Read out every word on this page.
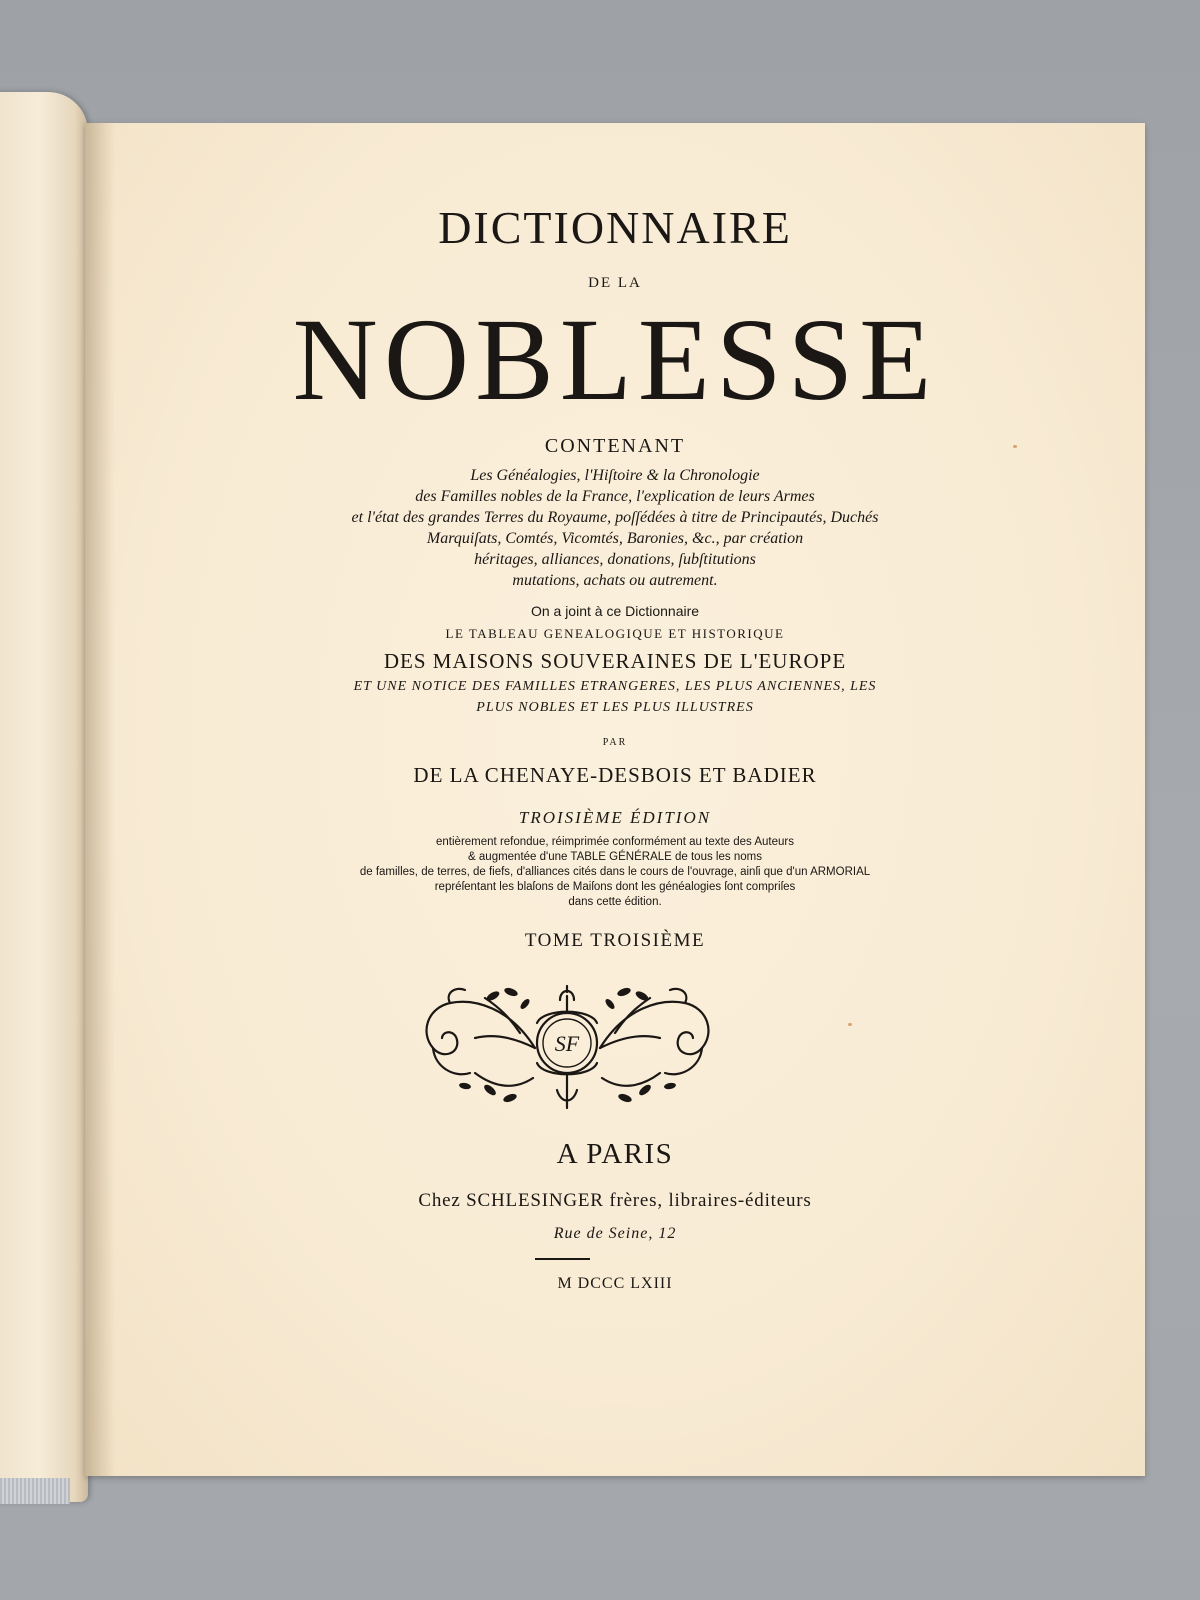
DICTIONNAIRE
DE LA
NOBLESSE
CONTENANT
Les Généalogies, l'Hiſtoire & la Chronologie
des Familles nobles de la France, l'explication de leurs Armes
et l'état des grandes Terres du Royaume, poſſédées à titre de Principautés, Duchés
Marquiſats, Comtés, Vicomtés, Baronies, &c., par création
héritages, alliances, donations, ſubſtitutions
mutations, achats ou autrement.
On a joint à ce Dictionnaire
LE TABLEAU GENEALOGIQUE ET HISTORIQUE
DES MAISONS SOUVERAINES DE L'EUROPE
ET UNE NOTICE DES FAMILLES ETRANGERES, LES PLUS ANCIENNES, LES
PLUS NOBLES ET LES PLUS ILLUSTRES
PAR
DE LA CHENAYE-DESBOIS ET BADIER
TROISIÈME ÉDITION
entièrement refondue, réimprimée conformément au texte des Auteurs
& augmentée d'une TABLE GÉNÉRALE de tous les noms
de familles, de terres, de fiefs, d'alliances cités dans le cours de l'ouvrage, ainſi que d'un ARMORIAL
repréſentant les blaſons de Maiſons dont les généalogies ſont compriſes
dans cette édition.
TOME TROISIÈME
SF
A PARIS
Chez SCHLESINGER frères, libraires-éditeurs
Rue de Seine, 12
M DCCC LXIII
